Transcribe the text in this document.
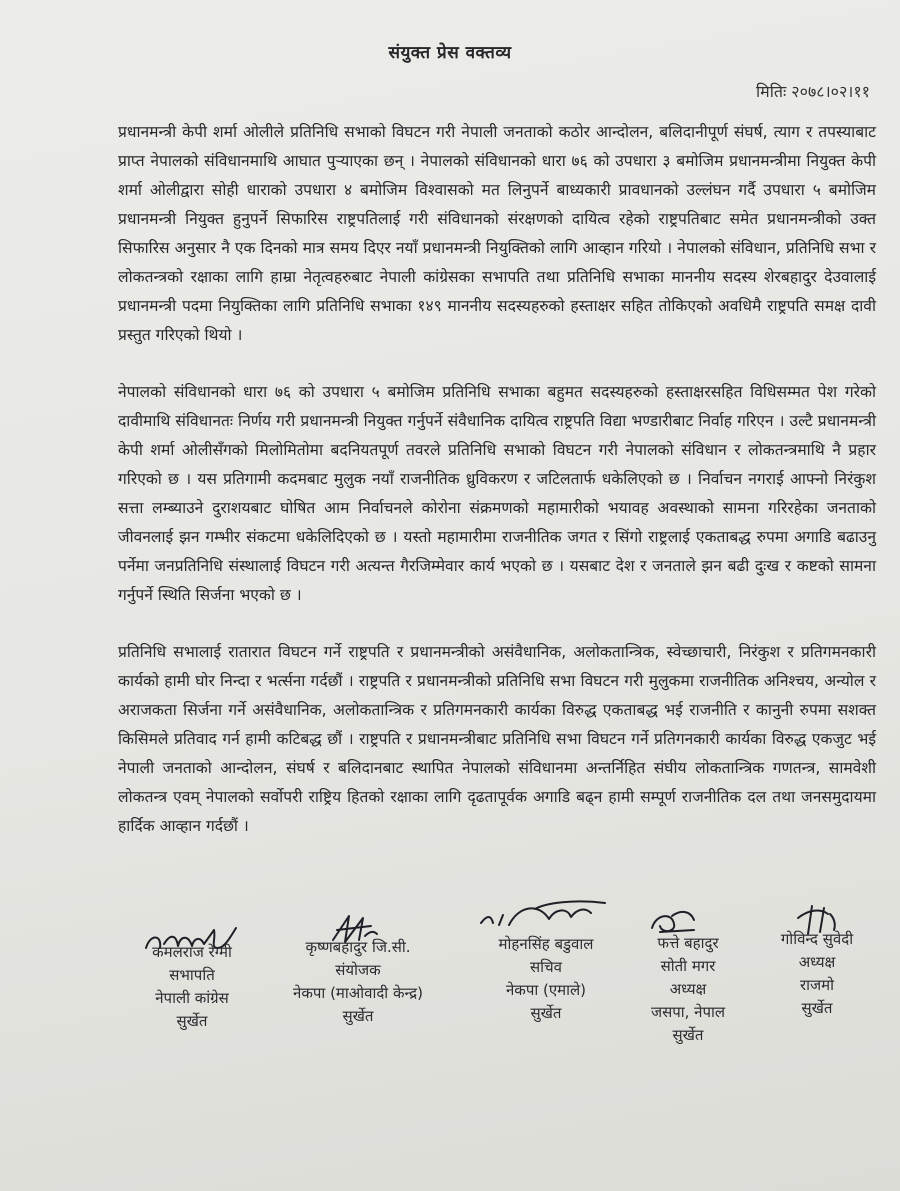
संयुक्त प्रेस वक्तव्य
मितिः २०७८।०२।११

प्रधानमन्त्री केपी शर्मा ओलीले प्रतिनिधि सभाको विघटन गरी नेपाली जनताको कठोर आन्दोलन, बलिदानीपूर्ण संघर्ष, त्याग र तपस्याबाट प्राप्त नेपालको संविधानमाथि आघात पुऱ्याएका छन् । नेपालको संविधानको धारा ७६ को उपधारा ३ बमोजिम प्रधानमन्त्रीमा नियुक्त केपी शर्मा ओलीद्वारा सोही धाराको उपधारा ४ बमोजिम विश्वासको मत लिनुपर्ने बाध्यकारी प्रावधानको उल्लंघन गर्दै उपधारा ५ बमोजिम प्रधानमन्त्री नियुक्त हुनुपर्ने सिफारिस राष्ट्रपतिलाई गरी संविधानको संरक्षणको दायित्व रहेको राष्ट्रपतिबाट समेत प्रधानमन्त्रीको उक्त सिफारिस अनुसार नै एक दिनको मात्र समय दिएर नयाँ प्रधानमन्त्री नियुक्तिको लागि आव्हान गरियो । नेपालको संविधान, प्रतिनिधि सभा र लोकतन्त्रको रक्षाका लागि हाम्रा नेतृत्वहरुबाट नेपाली कांग्रेसका सभापति तथा प्रतिनिधि सभाका माननीय सदस्य शेरबहादुर देउवालाई प्रधानमन्त्री पदमा नियुक्तिका लागि प्रतिनिधि सभाका १४९ माननीय सदस्यहरुको हस्ताक्षर सहित तोकिएको अवधिमै राष्ट्रपति समक्ष दावी प्रस्तुत गरिएको थियो ।

नेपालको संविधानको धारा ७६ को उपधारा ५ बमोजिम प्रतिनिधि सभाका बहुमत सदस्यहरुको हस्ताक्षरसहित विधिसम्मत पेश गरेको दावीमाथि संविधानतः निर्णय गरी प्रधानमन्त्री नियुक्त गर्नुपर्ने संवैधानिक दायित्व राष्ट्रपति विद्या भण्डारीबाट निर्वाह गरिएन । उल्टै प्रधानमन्त्री केपी शर्मा ओलीसँगको मिलोमितोमा बदनियतपूर्ण तवरले प्रतिनिधि सभाको विघटन गरी नेपालको संविधान र लोकतन्त्रमाथि नै प्रहार गरिएको छ । यस प्रतिगामी कदमबाट मुलुक नयाँ राजनीतिक ध्रुविकरण र जटिलतार्फ धकेलिएको छ । निर्वाचन नगराई आफ्नो निरंकुश सत्ता लम्ब्याउने दुराशयबाट घोषित आम निर्वाचनले कोरोना संक्रमणको महामारीको भयावह अवस्थाको सामना गरिरहेका जनताको जीवनलाई झन गम्भीर संकटमा धकेलिदिएको छ । यस्तो महामारीमा राजनीतिक जगत र सिंगो राष्ट्रलाई एकताबद्ध रुपमा अगाडि बढाउनु पर्नेमा जनप्रतिनिधि संस्थालाई विघटन गरी अत्यन्त गैरजिम्मेवार कार्य भएको छ । यसबाट देश र जनताले झन बढी दुःख र कष्टको सामना गर्नुपर्ने स्थिति सिर्जना भएको छ ।

प्रतिनिधि सभालाई रातारात विघटन गर्ने राष्ट्रपति र प्रधानमन्त्रीको असंवैधानिक, अलोकतान्त्रिक, स्वेच्छाचारी, निरंकुश र प्रतिगमनकारी कार्यको हामी घोर निन्दा र भर्त्सना गर्दछौं । राष्ट्रपति र प्रधानमन्त्रीको प्रतिनिधि सभा विघटन गरी मुलुकमा राजनीतिक अनिश्चय, अन्योल र अराजकता सिर्जना गर्ने असंवैधानिक, अलोकतान्त्रिक र प्रतिगमनकारी कार्यका विरुद्ध एकताबद्ध भई राजनीति र कानुनी रुपमा सशक्त किसिमले प्रतिवाद गर्न हामी कटिबद्ध छौं । राष्ट्रपति र प्रधानमन्त्रीबाट प्रतिनिधि सभा विघटन गर्ने प्रतिगनकारी कार्यका विरुद्ध एकजुट भई नेपाली जनताको आन्दोलन, संघर्ष र बलिदानबाट स्थापित नेपालको संविधानमा अन्तर्निहित संघीय लोकतान्त्रिक गणतन्त्र, सामवेशी लोकतन्त्र एवम् नेपालको सर्वोपरी राष्ट्रिय हितको रक्षाका लागि दृढतापूर्वक अगाडि बढ्न हामी सम्पूर्ण राजनीतिक दल तथा जनसमुदायमा हार्दिक आव्हान गर्दछौं ।

कमलराज रेग्मी
सभापति
नेपाली कांग्रेस
सुर्खेत
कृष्णबहादुर जि.सी.
संयोजक
नेकपा (माओवादी केन्द्र)
सुर्खेत
मोहनसिंह बडुवाल
सचिव
नेकपा (एमाले)
सुर्खेत
फत्ते बहादुर
सोती मगर
अध्यक्ष
जसपा, नेपाल
सुर्खेत
गोविन्द सुवेदी
अध्यक्ष
राजमो
सुर्खेत
